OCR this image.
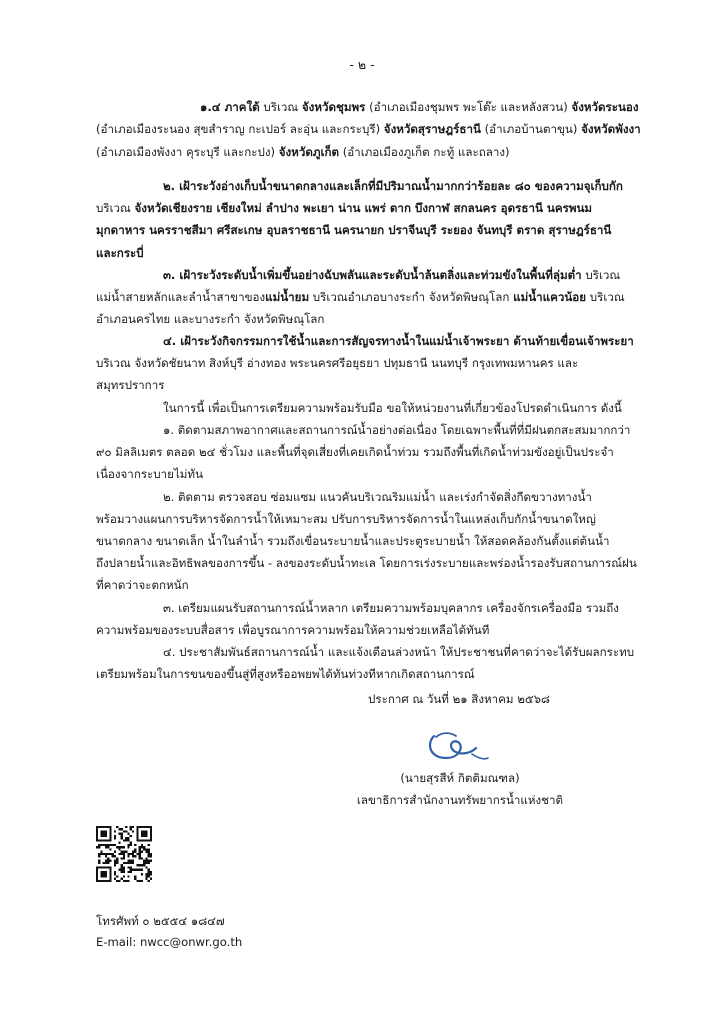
- ๒ -
๑.๔ ภาคใต้ บริเวณ จังหวัดชุมพร (อำเภอเมืองชุมพร พะโต๊ะ และหลังสวน) จังหวัดระนอง
(อำเภอเมืองระนอง สุขสำราญ กะเปอร์ ละอุ่น และกระบุรี) จังหวัดสุราษฎร์ธานี (อำเภอบ้านตาขุน) จังหวัดพังงา
(อำเภอเมืองพังงา คุระบุรี และกะปง) จังหวัดภูเก็ต (อำเภอเมืองภูเก็ต กะทู้ และถลาง)
๒. เฝ้าระวังอ่างเก็บน้ำขนาดกลางและเล็กที่มีปริมาณน้ำมากกว่าร้อยละ ๘๐ ของความจุเก็บกัก
บริเวณ จังหวัดเชียงราย เชียงใหม่ ลำปาง พะเยา น่าน แพร่ ตาก บึงกาฬ สกลนคร อุดรธานี นครพนม
มุกดาหาร นครราชสีมา ศรีสะเกษ อุบลราชธานี นครนายก ปราจีนบุรี ระยอง จันทบุรี ตราด สุราษฎร์ธานี
และกระบี่
๓. เฝ้าระวังระดับน้ำเพิ่มขึ้นอย่างฉับพลันและระดับน้ำล้นตลิ่งและท่วมขังในพื้นที่ลุ่มต่ำ บริเวณ
แม่น้ำสายหลักและลำน้ำสาขาของแม่น้ำยม บริเวณอำเภอบางระกำ จังหวัดพิษณุโลก แม่น้ำแควน้อย บริเวณ
อำเภอนครไทย และบางระกำ จังหวัดพิษณุโลก
๔. เฝ้าระวังกิจกรรมการใช้น้ำและการสัญจรทางน้ำในแม่น้ำเจ้าพระยา ด้านท้ายเขื่อนเจ้าพระยา
บริเวณ จังหวัดชัยนาท สิงห์บุรี อ่างทอง พระนครศรีอยุธยา ปทุมธานี นนทบุรี กรุงเทพมหานคร และ
สมุทรปราการ
ในการนี้ เพื่อเป็นการเตรียมความพร้อมรับมือ ขอให้หน่วยงานที่เกี่ยวข้องโปรดดำเนินการ ดังนี้
๑. ติดตามสภาพอากาศและสถานการณ์น้ำอย่างต่อเนื่อง โดยเฉพาะพื้นที่ที่มีฝนตกสะสมมากกว่า
๙๐ มิลลิเมตร ตลอด ๒๔ ชั่วโมง และพื้นที่จุดเสี่ยงที่เคยเกิดน้ำท่วม รวมถึงพื้นที่เกิดน้ำท่วมขังอยู่เป็นประจำ
เนื่องจากระบายไม่ทัน
๒. ติดตาม ตรวจสอบ ซ่อมแซม แนวคันบริเวณริมแม่น้ำ และเร่งกำจัดสิ่งกีดขวางทางน้ำ
พร้อมวางแผนการบริหารจัดการน้ำให้เหมาะสม ปรับการบริหารจัดการน้ำในแหล่งเก็บกักน้ำขนาดใหญ่
ขนาดกลาง ขนาดเล็ก น้ำในลำน้ำ รวมถึงเขื่อนระบายน้ำและประตูระบายน้ำ ให้สอดคล้องกันตั้งแต่ต้นน้ำ
ถึงปลายน้ำและอิทธิพลของการขึ้น - ลงของระดับน้ำทะเล โดยการเร่งระบายและพร่องน้ำรองรับสถานการณ์ฝน
ที่คาดว่าจะตกหนัก
๓. เตรียมแผนรับสถานการณ์น้ำหลาก เตรียมความพร้อมบุคลากร เครื่องจักรเครื่องมือ รวมถึง
ความพร้อมของระบบสื่อสาร เพื่อบูรณาการความพร้อมให้ความช่วยเหลือได้ทันที
๔. ประชาสัมพันธ์สถานการณ์น้ำ และแจ้งเตือนล่วงหน้า ให้ประชาชนที่คาดว่าจะได้รับผลกระทบ
เตรียมพร้อมในการขนของขึ้นสู่ที่สูงหรืออพยพได้ทันท่วงทีหากเกิดสถานการณ์
ประกาศ ณ วันที่ ๒๑ สิงหาคม ๒๕๖๘
(นายสุรสีห์ กิตติมณฑล)
เลขาธิการสำนักงานทรัพยากรน้ำแห่งชาติ
โทรศัพท์ ๐ ๒๕๕๔ ๑๘๔๗
E-mail: nwcc@onwr.go.th
